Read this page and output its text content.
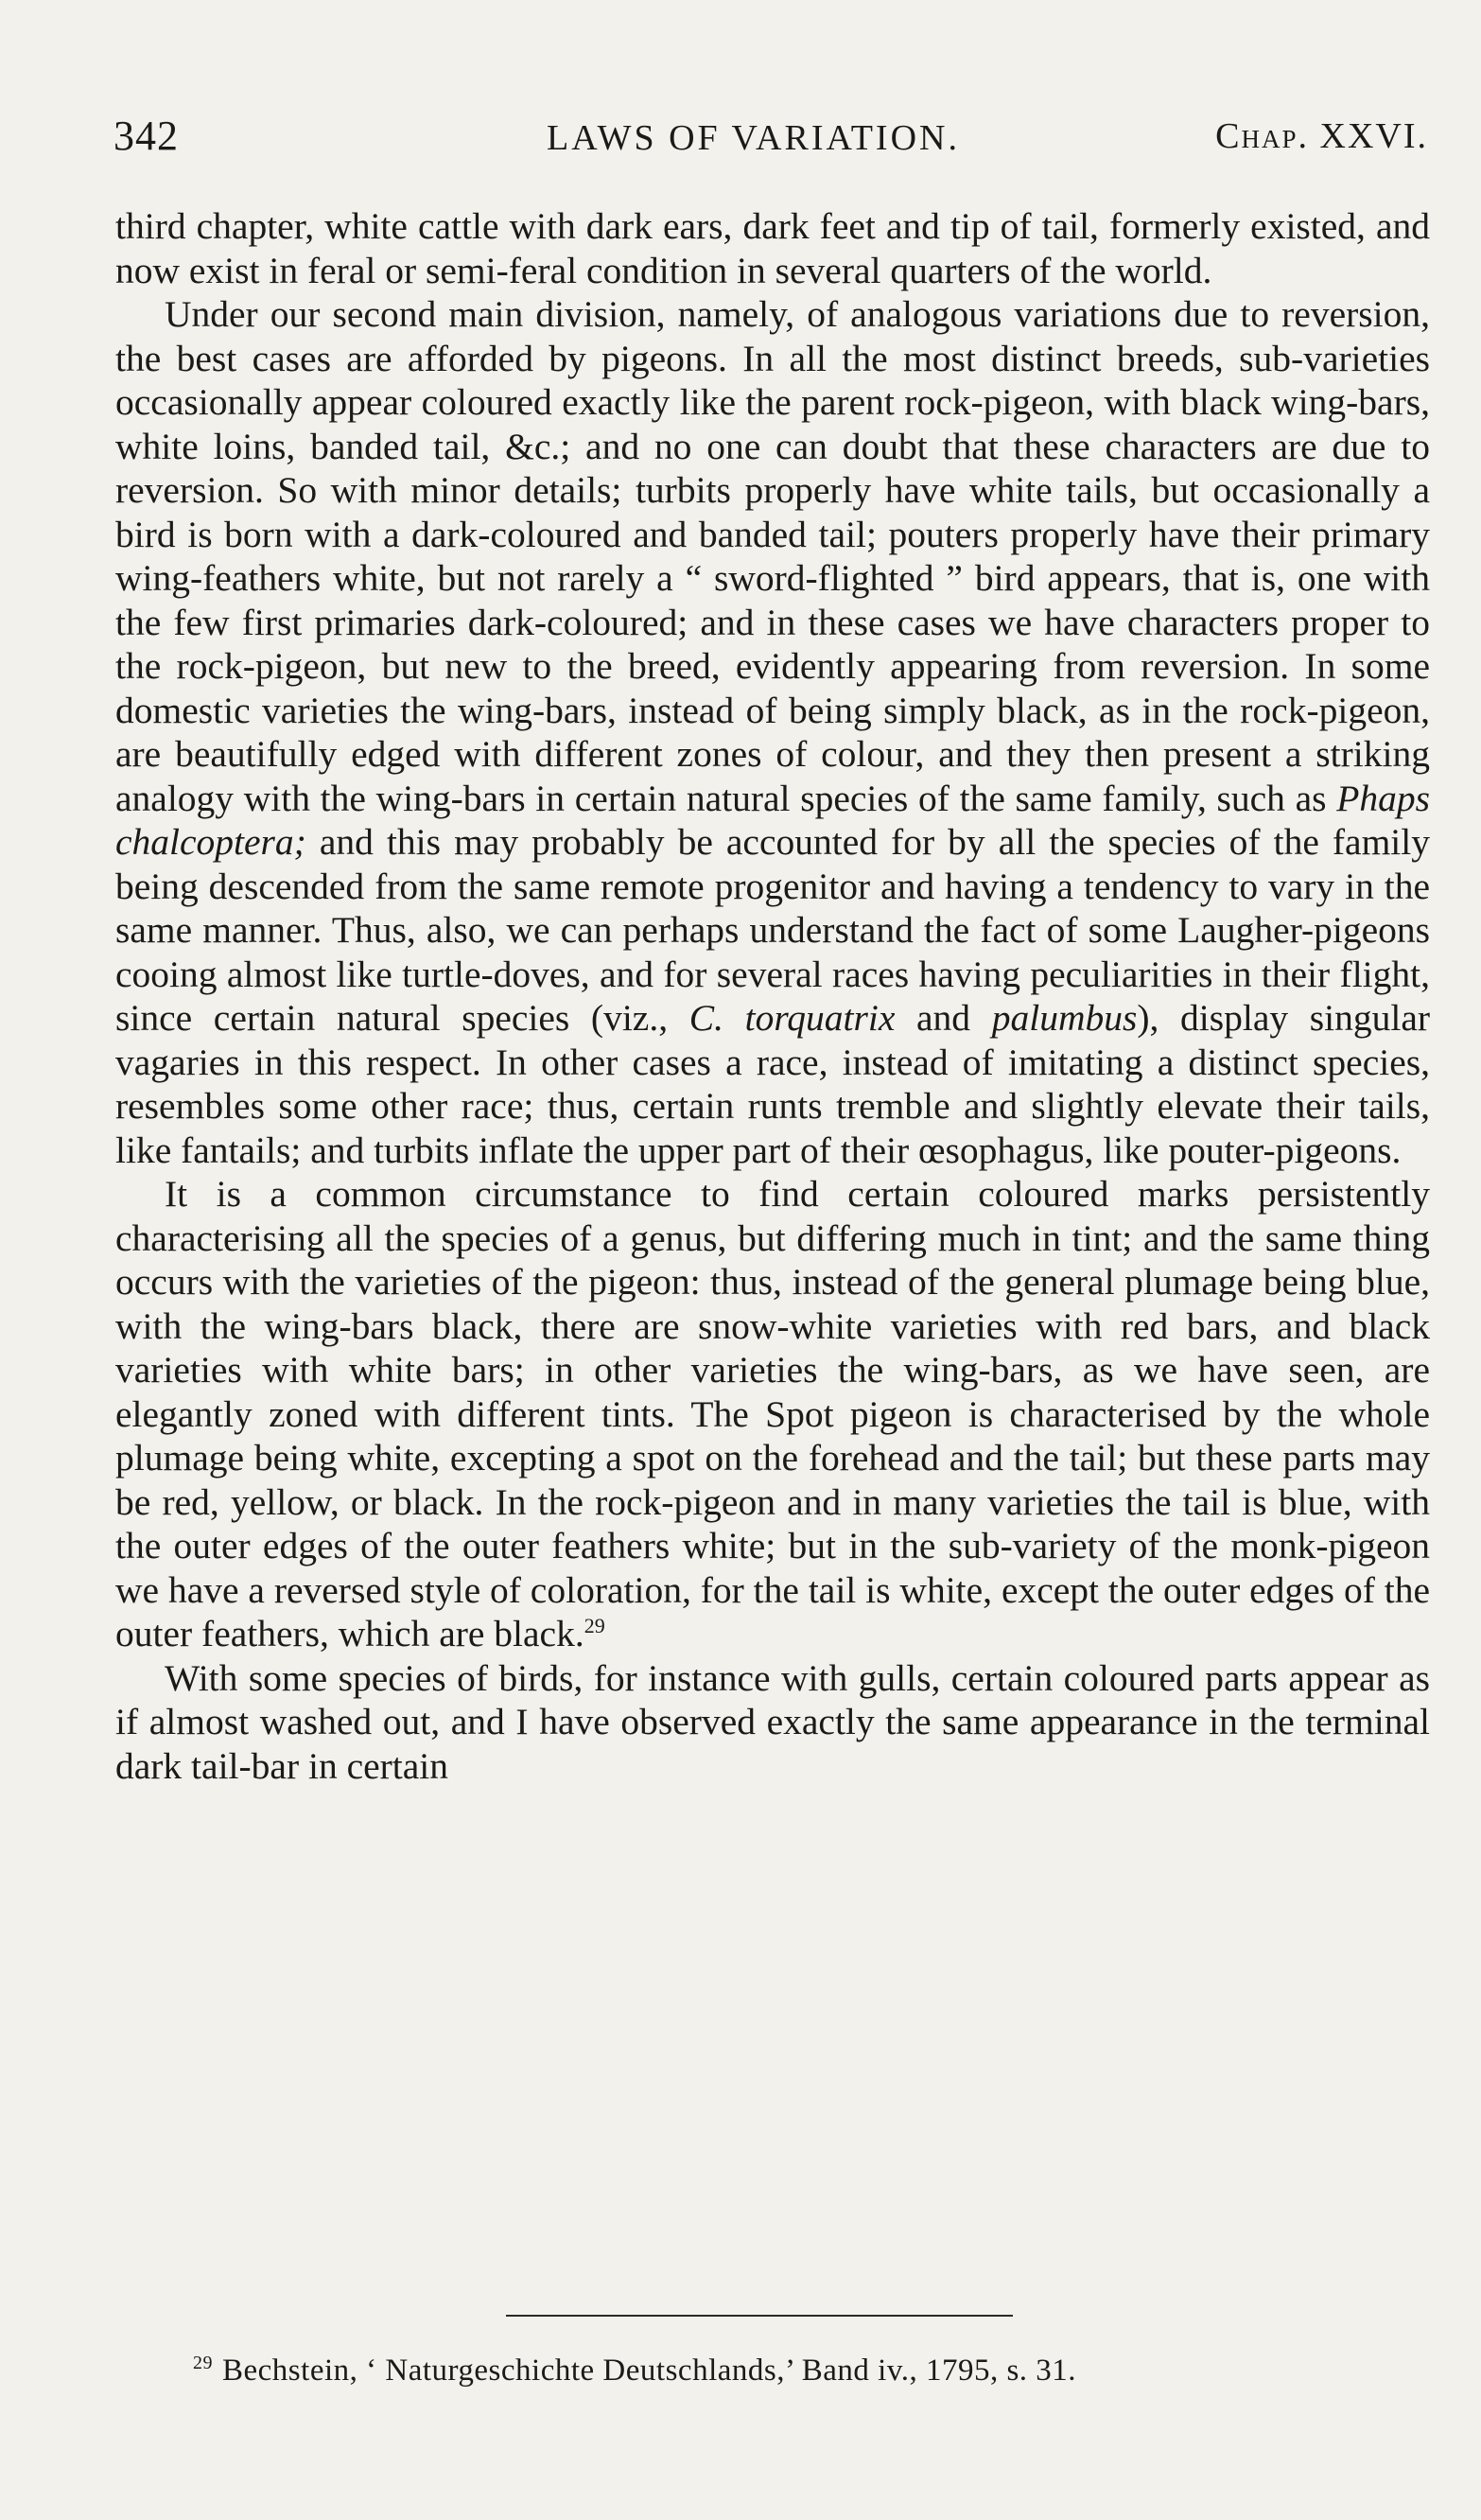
342	LAWS OF VARIATION.	Chap. XXVI.

third chapter, white cattle with dark ears, dark feet and tip of tail, formerly existed, and now exist in feral or semi-feral condition in several quarters of the world.

Under our second main division, namely, of analogous variations due to reversion, the best cases are afforded by pigeons. In all the most distinct breeds, sub-varieties occasionally appear coloured exactly like the parent rock-pigeon, with black wing-bars, white loins, banded tail, &c.; and no one can doubt that these characters are due to reversion. So with minor details; turbits properly have white tails, but occasionally a bird is born with a dark-coloured and banded tail; pouters properly have their primary wing-feathers white, but not rarely a “ sword-flighted ” bird appears, that is, one with the few first primaries dark-coloured; and in these cases we have characters proper to the rock-pigeon, but new to the breed, evidently appearing from reversion. In some domestic varieties the wing-bars, instead of being simply black, as in the rock-pigeon, are beautifully edged with different zones of colour, and they then present a striking analogy with the wing-bars in certain natural species of the same family, such as Phaps chalcoptera; and this may probably be accounted for by all the species of the family being descended from the same remote progenitor and having a tendency to vary in the same manner. Thus, also, we can perhaps understand the fact of some Laugher-pigeons cooing almost like turtle-doves, and for several races having peculiarities in their flight, since certain natural species (viz., C. torquatrix and palumbus), display singular vagaries in this respect. In other cases a race, instead of imitating a distinct species, resembles some other race; thus, certain runts tremble and slightly elevate their tails, like fantails; and turbits inflate the upper part of their œsophagus, like pouter-pigeons.

It is a common circumstance to find certain coloured marks persistently characterising all the species of a genus, but differing much in tint; and the same thing occurs with the varieties of the pigeon: thus, instead of the general plumage being blue, with the wing-bars black, there are snow-white varieties with red bars, and black varieties with white bars; in other varieties the wing-bars, as we have seen, are elegantly zoned with different tints. The Spot pigeon is characterised by the whole plumage being white, excepting a spot on the forehead and the tail; but these parts may be red, yellow, or black. In the rock-pigeon and in many varieties the tail is blue, with the outer edges of the outer feathers white; but in the sub-variety of the monk-pigeon we have a reversed style of coloration, for the tail is white, except the outer edges of the outer feathers, which are black.$^{29}$

With some species of birds, for instance with gulls, certain coloured parts appear as if almost washed out, and I have observed exactly the same appearance in the terminal dark tail-bar in certain

$^{29}$ Bechstein, ‘ Naturgeschichte Deutschlands,’ Band iv., 1795, s. 31.
